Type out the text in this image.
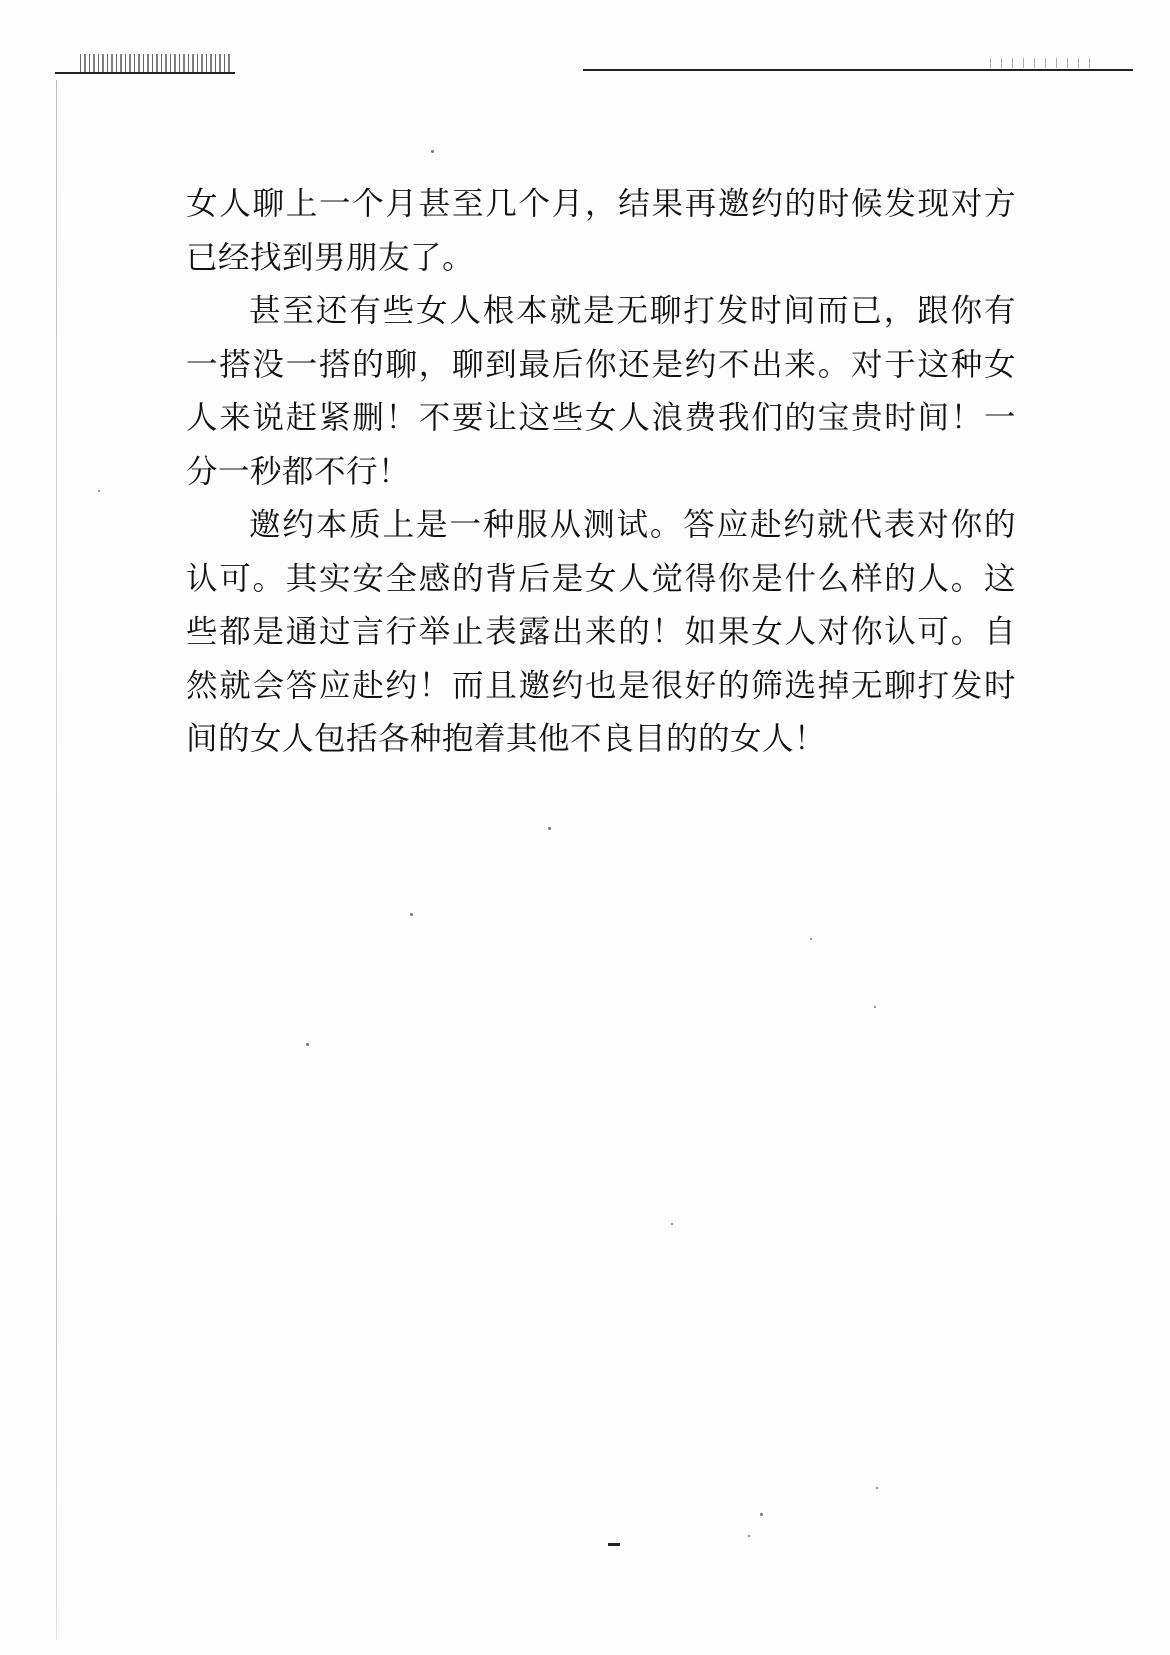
女人聊上一个月甚至几个月，结果再邀约的时候发现对方已经找到男朋友了。

甚至还有些女人根本就是无聊打发时间而已，跟你有一搭没一搭的聊，聊到最后你还是约不出来。对于这种女人来说赶紧删！不要让这些女人浪费我们的宝贵时间！一分一秒都不行！

邀约本质上是一种服从测试。答应赴约就代表对你的认可。其实安全感的背后是女人觉得你是什么样的人。这些都是通过言行举止表露出来的！如果女人对你认可。自然就会答应赴约！而且邀约也是很好的筛选掉无聊打发时间的女人包括各种抱着其他不良目的的女人！
